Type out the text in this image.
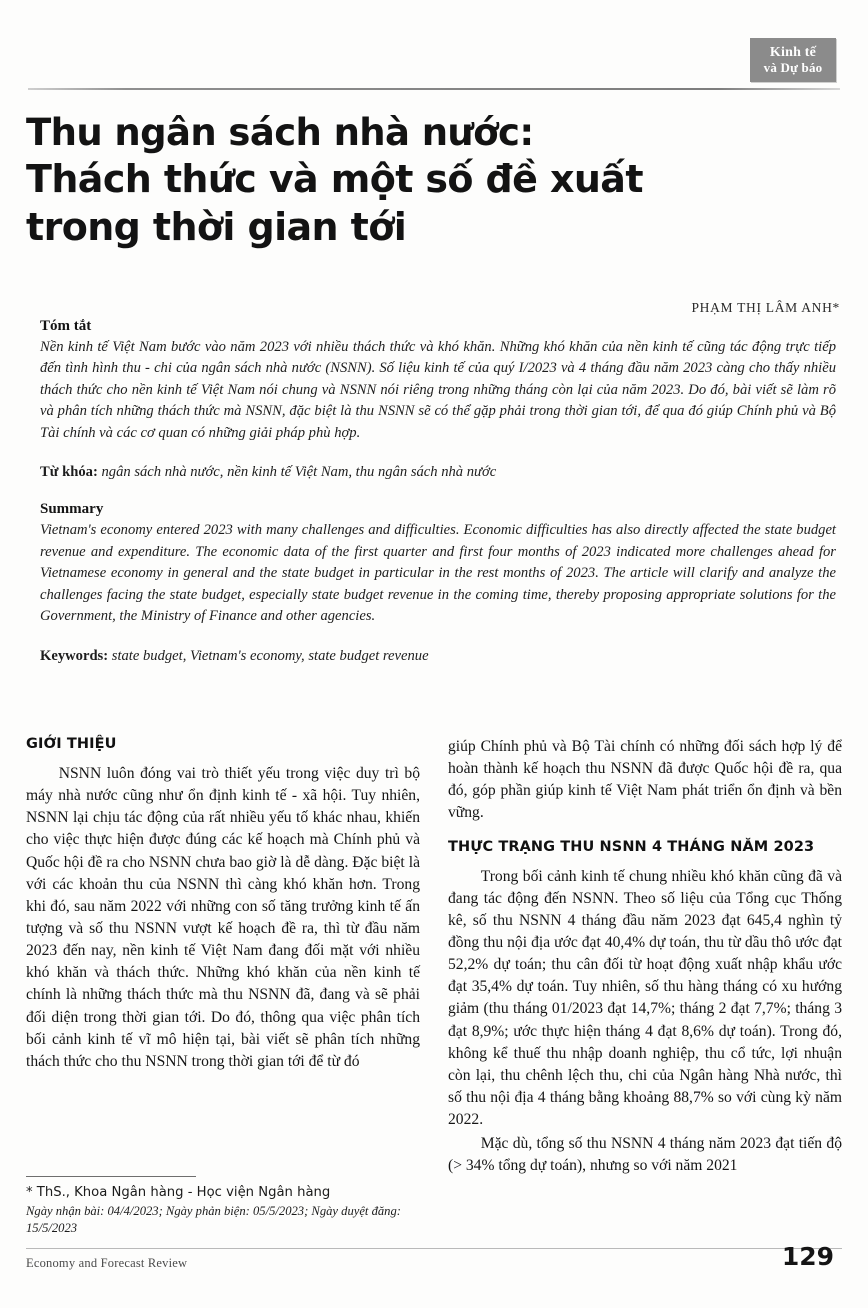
Kinh tế
và Dự báo
Thu ngân sách nhà nước:
Thách thức và một số đề xuất
trong thời gian tới
PHẠM THỊ LÂM ANH*
Tóm tắt
Nền kinh tế Việt Nam bước vào năm 2023 với nhiều thách thức và khó khăn. Những khó khăn của nền kinh tế cũng tác động trực tiếp đến tình hình thu - chi của ngân sách nhà nước (NSNN). Số liệu kinh tế của quý I/2023 và 4 tháng đầu năm 2023 càng cho thấy nhiều thách thức cho nền kinh tế Việt Nam nói chung và NSNN nói riêng trong những tháng còn lại của năm 2023. Do đó, bài viết sẽ làm rõ và phân tích những thách thức mà NSNN, đặc biệt là thu NSNN sẽ có thể gặp phải trong thời gian tới, để qua đó giúp Chính phủ và Bộ Tài chính và các cơ quan có những giải pháp phù hợp.
Từ khóa: ngân sách nhà nước, nền kinh tế Việt Nam, thu ngân sách nhà nước
Summary
Vietnam's economy entered 2023 with many challenges and difficulties. Economic difficulties has also directly affected the state budget revenue and expenditure. The economic data of the first quarter and first four months of 2023 indicated more challenges ahead for Vietnamese economy in general and the state budget in particular in the rest months of 2023. The article will clarify and analyze the challenges facing the state budget, especially state budget revenue in the coming time, thereby proposing appropriate solutions for the Government, the Ministry of Finance and other agencies.
Keywords: state budget, Vietnam's economy, state budget revenue
GIỚI THIỆU

NSNN luôn đóng vai trò thiết yếu trong việc duy trì bộ máy nhà nước cũng như ổn định kinh tế - xã hội. Tuy nhiên, NSNN lại chịu tác động của rất nhiều yếu tố khác nhau, khiến cho việc thực hiện được đúng các kế hoạch mà Chính phủ và Quốc hội đề ra cho NSNN chưa bao giờ là dễ dàng. Đặc biệt là với các khoản thu của NSNN thì càng khó khăn hơn. Trong khi đó, sau năm 2022 với những con số tăng trưởng kinh tế ấn tượng và số thu NSNN vượt kế hoạch đề ra, thì từ đầu năm 2023 đến nay, nền kinh tế Việt Nam đang đối mặt với nhiều khó khăn và thách thức. Những khó khăn của nền kinh tế chính là những thách thức mà thu NSNN đã, đang và sẽ phải đối diện trong thời gian tới. Do đó, thông qua việc phân tích bối cảnh kinh tế vĩ mô hiện tại, bài viết sẽ phân tích những thách thức cho thu NSNN trong thời gian tới để từ đó

giúp Chính phủ và Bộ Tài chính có những đối sách hợp lý để hoàn thành kế hoạch thu NSNN đã được Quốc hội đề ra, qua đó, góp phần giúp kinh tế Việt Nam phát triển ổn định và bền vững.

THỰC TRẠNG THU NSNN 4 THÁNG NĂM 2023

Trong bối cảnh kinh tế chung nhiều khó khăn cũng đã và đang tác động đến NSNN. Theo số liệu của Tổng cục Thống kê, số thu NSNN 4 tháng đầu năm 2023 đạt 645,4 nghìn tỷ đồng thu nội địa ước đạt 40,4% dự toán, thu từ dầu thô ước đạt 52,2% dự toán; thu cân đối từ hoạt động xuất nhập khẩu ước đạt 35,4% dự toán. Tuy nhiên, số thu hàng tháng có xu hướng giảm (thu tháng 01/2023 đạt 14,7%; tháng 2 đạt 7,7%; tháng 3 đạt 8,9%; ước thực hiện tháng 4 đạt 8,6% dự toán). Trong đó, không kể thuế thu nhập doanh nghiệp, thu cổ tức, lợi nhuận còn lại, thu chênh lệch thu, chi của Ngân hàng Nhà nước, thì số thu nội địa 4 tháng bằng khoảng 88,7% so với cùng kỳ năm 2022.

Mặc dù, tổng số thu NSNN 4 tháng năm 2023 đạt tiến độ (> 34% tổng dự toán), nhưng so với năm 2021

* ThS., Khoa Ngân hàng - Học viện Ngân hàng
Ngày nhận bài: 04/4/2023; Ngày phản biện: 05/5/2023; Ngày duyệt đăng: 15/5/2023
Economy and Forecast Review	129
